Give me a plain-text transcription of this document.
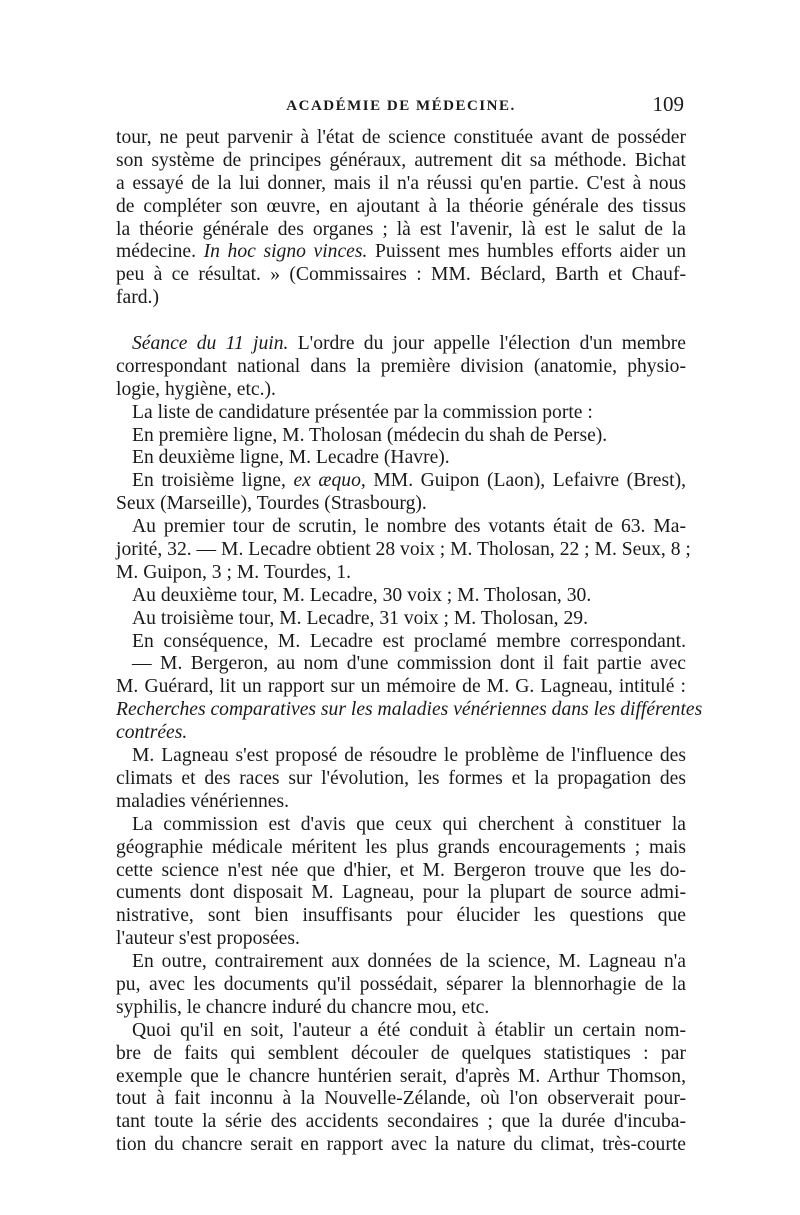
ACADÉMIE DE MÉDECINE.	109
tour, ne peut parvenir à l'état de science constituée avant de posséder
son système de principes généraux, autrement dit sa méthode. Bichat
a essayé de la lui donner, mais il n'a réussi qu'en partie. C'est à nous
de compléter son œuvre, en ajoutant à la théorie générale des tissus
la théorie générale des organes ; là est l'avenir, là est le salut de la
médecine. In hoc signo vinces. Puissent mes humbles efforts aider un
peu à ce résultat. » (Commissaires : MM. Béclard, Barth et Chauf-
fard.)
Séance du 11 juin. L'ordre du jour appelle l'élection d'un membre
correspondant national dans la première division (anatomie, physio-
logie, hygiène, etc.).
La liste de candidature présentée par la commission porte :
En première ligne, M. Tholosan (médecin du shah de Perse).
En deuxième ligne, M. Lecadre (Havre).
En troisième ligne, ex æquo, MM. Guipon (Laon), Lefaivre (Brest),
Seux (Marseille), Tourdes (Strasbourg).
Au premier tour de scrutin, le nombre des votants était de 63. Ma-
jorité, 32. — M. Lecadre obtient 28 voix ; M. Tholosan, 22 ; M. Seux, 8 ;
M. Guipon, 3 ; M. Tourdes, 1.
Au deuxième tour, M. Lecadre, 30 voix ; M. Tholosan, 30.
Au troisième tour, M. Lecadre, 31 voix ; M. Tholosan, 29.
En conséquence, M. Lecadre est proclamé membre correspondant.
— M. Bergeron, au nom d'une commission dont il fait partie avec
M. Guérard, lit un rapport sur un mémoire de M. G. Lagneau, intitulé :
Recherches comparatives sur les maladies vénériennes dans les différentes
contrées.
M. Lagneau s'est proposé de résoudre le problème de l'influence des
climats et des races sur l'évolution, les formes et la propagation des
maladies vénériennes.
La commission est d'avis que ceux qui cherchent à constituer la
géographie médicale méritent les plus grands encouragements ; mais
cette science n'est née que d'hier, et M. Bergeron trouve que les do-
cuments dont disposait M. Lagneau, pour la plupart de source admi-
nistrative, sont bien insuffisants pour élucider les questions que
l'auteur s'est proposées.
En outre, contrairement aux données de la science, M. Lagneau n'a
pu, avec les documents qu'il possédait, séparer la blennorhagie de la
syphilis, le chancre induré du chancre mou, etc.
Quoi qu'il en soit, l'auteur a été conduit à établir un certain nom-
bre de faits qui semblent découler de quelques statistiques : par
exemple que le chancre huntérien serait, d'après M. Arthur Thomson,
tout à fait inconnu à la Nouvelle-Zélande, où l'on observerait pour-
tant toute la série des accidents secondaires ; que la durée d'incuba-
tion du chancre serait en rapport avec la nature du climat, très-courte
